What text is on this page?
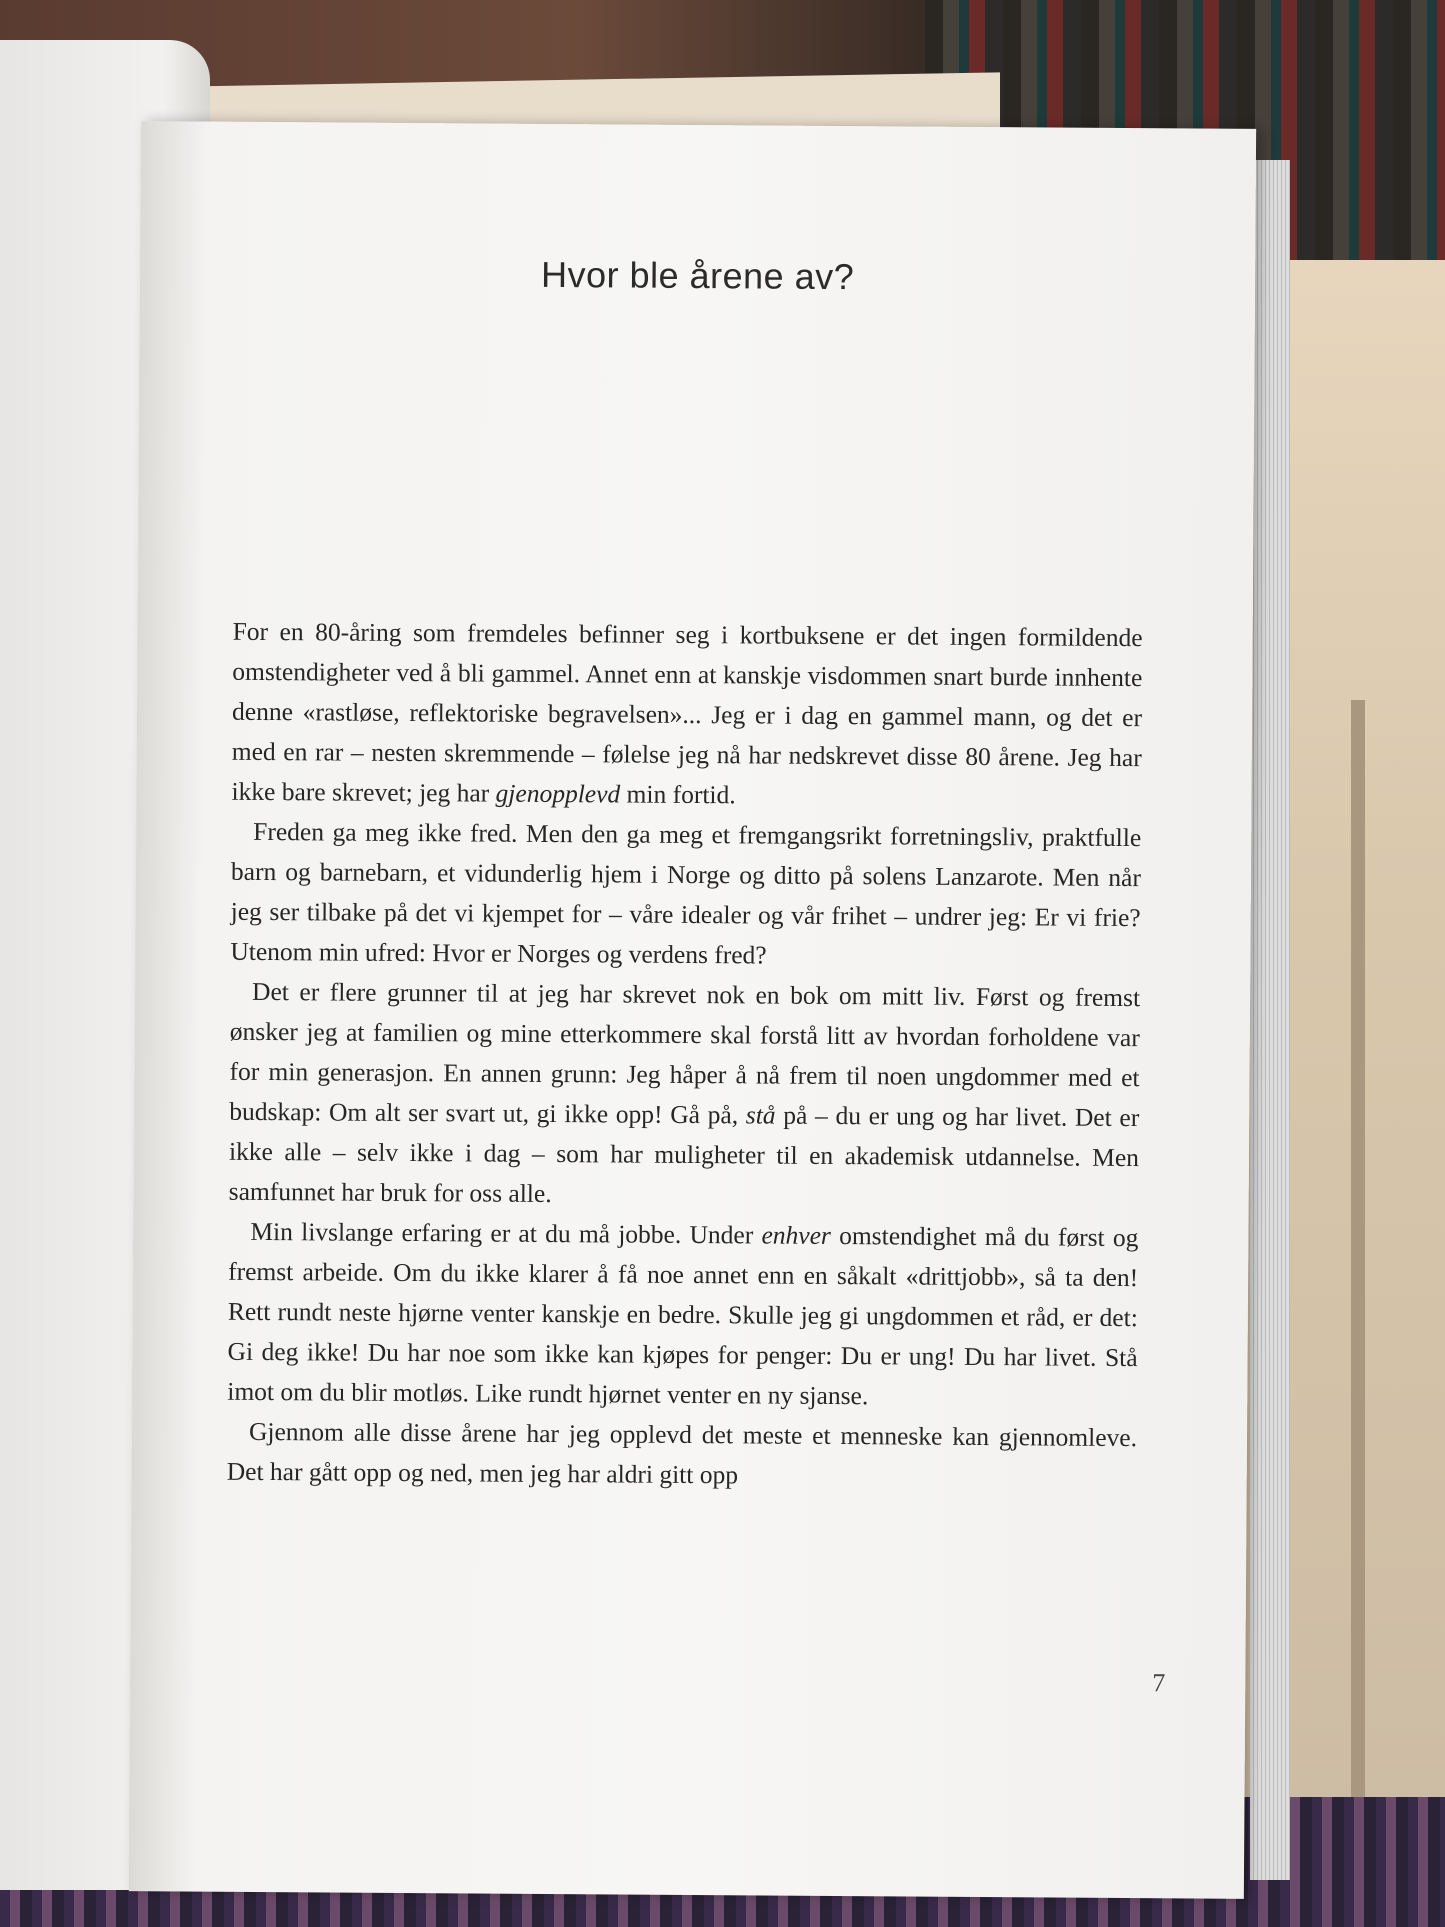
Hvor ble årene av?

For en 80-åring som fremdeles befinner seg i kortbuksene er det ingen formildende omstendigheter ved å bli gammel. Annet enn at kanskje visdommen snart burde innhente denne «rastløse, reflektoriske begravelsen»... Jeg er i dag en gammel mann, og det er med en rar – nesten skremmende – følelse jeg nå har nedskrevet disse 80 årene. Jeg har ikke bare skrevet; jeg har gjenopplevd min fortid.

Freden ga meg ikke fred. Men den ga meg et fremgangsrikt forretningsliv, praktfulle barn og barnebarn, et vidunderlig hjem i Norge og ditto på solens Lanzarote. Men når jeg ser tilbake på det vi kjempet for – våre idealer og vår frihet – undrer jeg: Er vi frie? Utenom min ufred: Hvor er Norges og verdens fred?

Det er flere grunner til at jeg har skrevet nok en bok om mitt liv. Først og fremst ønsker jeg at familien og mine etterkommere skal forstå litt av hvordan forholdene var for min generasjon. En annen grunn: Jeg håper å nå frem til noen ungdommer med et budskap: Om alt ser svart ut, gi ikke opp! Gå på, stå på – du er ung og har livet. Det er ikke alle – selv ikke i dag – som har muligheter til en akademisk utdannelse. Men samfunnet har bruk for oss alle.

Min livslange erfaring er at du må jobbe. Under enhver omstendighet må du først og fremst arbeide. Om du ikke klarer å få noe annet enn en såkalt «drittjobb», så ta den! Rett rundt neste hjørne venter kanskje en bedre. Skulle jeg gi ungdommen et råd, er det: Gi deg ikke! Du har noe som ikke kan kjøpes for penger: Du er ung! Du har livet. Stå imot om du blir motløs. Like rundt hjørnet venter en ny sjanse.

Gjennom alle disse årene har jeg opplevd det meste et menneske kan gjennomleve. Det har gått opp og ned, men jeg har aldri gitt opp

7
